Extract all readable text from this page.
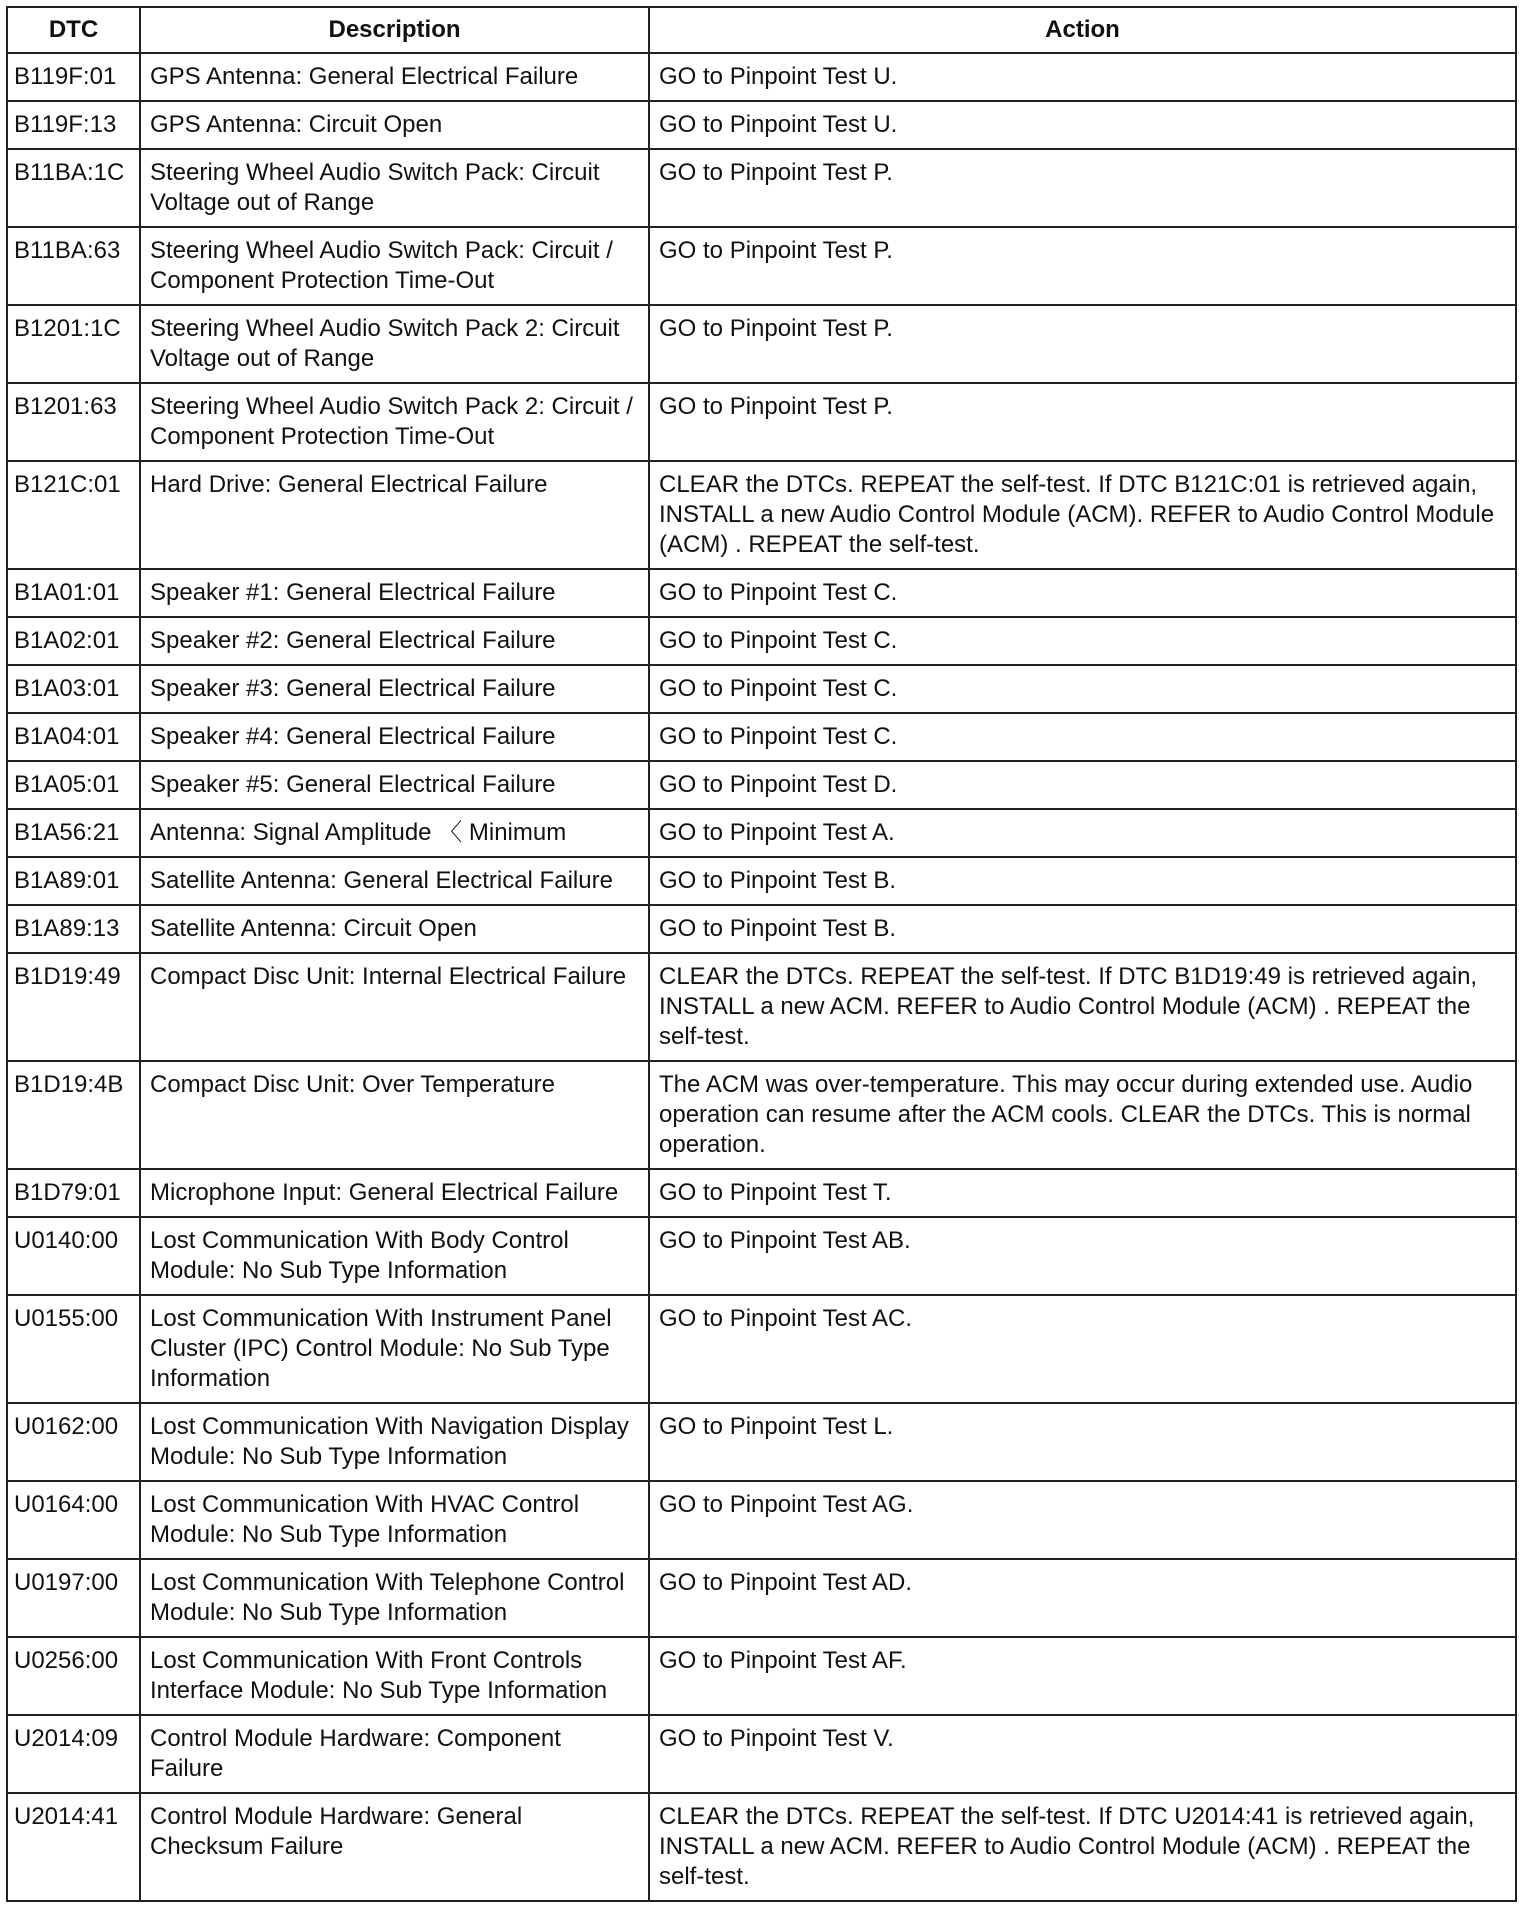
DTC	Description	Action
B119F:01	GPS Antenna: General Electrical Failure	GO to Pinpoint Test U.
B119F:13	GPS Antenna: Circuit Open	GO to Pinpoint Test U.
B11BA:1C	Steering Wheel Audio Switch Pack: Circuit Voltage out of Range	GO to Pinpoint Test P.
B11BA:63	Steering Wheel Audio Switch Pack: Circuit / Component Protection Time-Out	GO to Pinpoint Test P.
B1201:1C	Steering Wheel Audio Switch Pack 2: Circuit Voltage out of Range	GO to Pinpoint Test P.
B1201:63	Steering Wheel Audio Switch Pack 2: Circuit / Component Protection Time-Out	GO to Pinpoint Test P.
B121C:01	Hard Drive: General Electrical Failure	CLEAR the DTCs. REPEAT the self-test. If DTC B121C:01 is retrieved again, INSTALL a new Audio Control Module (ACM). REFER to Audio Control Module (ACM) . REPEAT the self-test.
B1A01:01	Speaker #1: General Electrical Failure	GO to Pinpoint Test C.
B1A02:01	Speaker #2: General Electrical Failure	GO to Pinpoint Test C.
B1A03:01	Speaker #3: General Electrical Failure	GO to Pinpoint Test C.
B1A04:01	Speaker #4: General Electrical Failure	GO to Pinpoint Test C.
B1A05:01	Speaker #5: General Electrical Failure	GO to Pinpoint Test D.
B1A56:21	Antenna: Signal Amplitude 〈 Minimum	GO to Pinpoint Test A.
B1A89:01	Satellite Antenna: General Electrical Failure	GO to Pinpoint Test B.
B1A89:13	Satellite Antenna: Circuit Open	GO to Pinpoint Test B.
B1D19:49	Compact Disc Unit: Internal Electrical Failure	CLEAR the DTCs. REPEAT the self-test. If DTC B1D19:49 is retrieved again, INSTALL a new ACM. REFER to Audio Control Module (ACM) . REPEAT the self-test.
B1D19:4B	Compact Disc Unit: Over Temperature	The ACM was over-temperature. This may occur during extended use. Audio operation can resume after the ACM cools. CLEAR the DTCs. This is normal operation.
B1D79:01	Microphone Input: General Electrical Failure	GO to Pinpoint Test T.
U0140:00	Lost Communication With Body Control Module: No Sub Type Information	GO to Pinpoint Test AB.
U0155:00	Lost Communication With Instrument Panel Cluster (IPC) Control Module: No Sub Type Information	GO to Pinpoint Test AC.
U0162:00	Lost Communication With Navigation Display Module: No Sub Type Information	GO to Pinpoint Test L.
U0164:00	Lost Communication With HVAC Control Module: No Sub Type Information	GO to Pinpoint Test AG.
U0197:00	Lost Communication With Telephone Control Module: No Sub Type Information	GO to Pinpoint Test AD.
U0256:00	Lost Communication With Front Controls Interface Module: No Sub Type Information	GO to Pinpoint Test AF.
U2014:09	Control Module Hardware: Component Failure	GO to Pinpoint Test V.
U2014:41	Control Module Hardware: General Checksum Failure	CLEAR the DTCs. REPEAT the self-test. If DTC U2014:41 is retrieved again, INSTALL a new ACM. REFER to Audio Control Module (ACM) . REPEAT the self-test.
